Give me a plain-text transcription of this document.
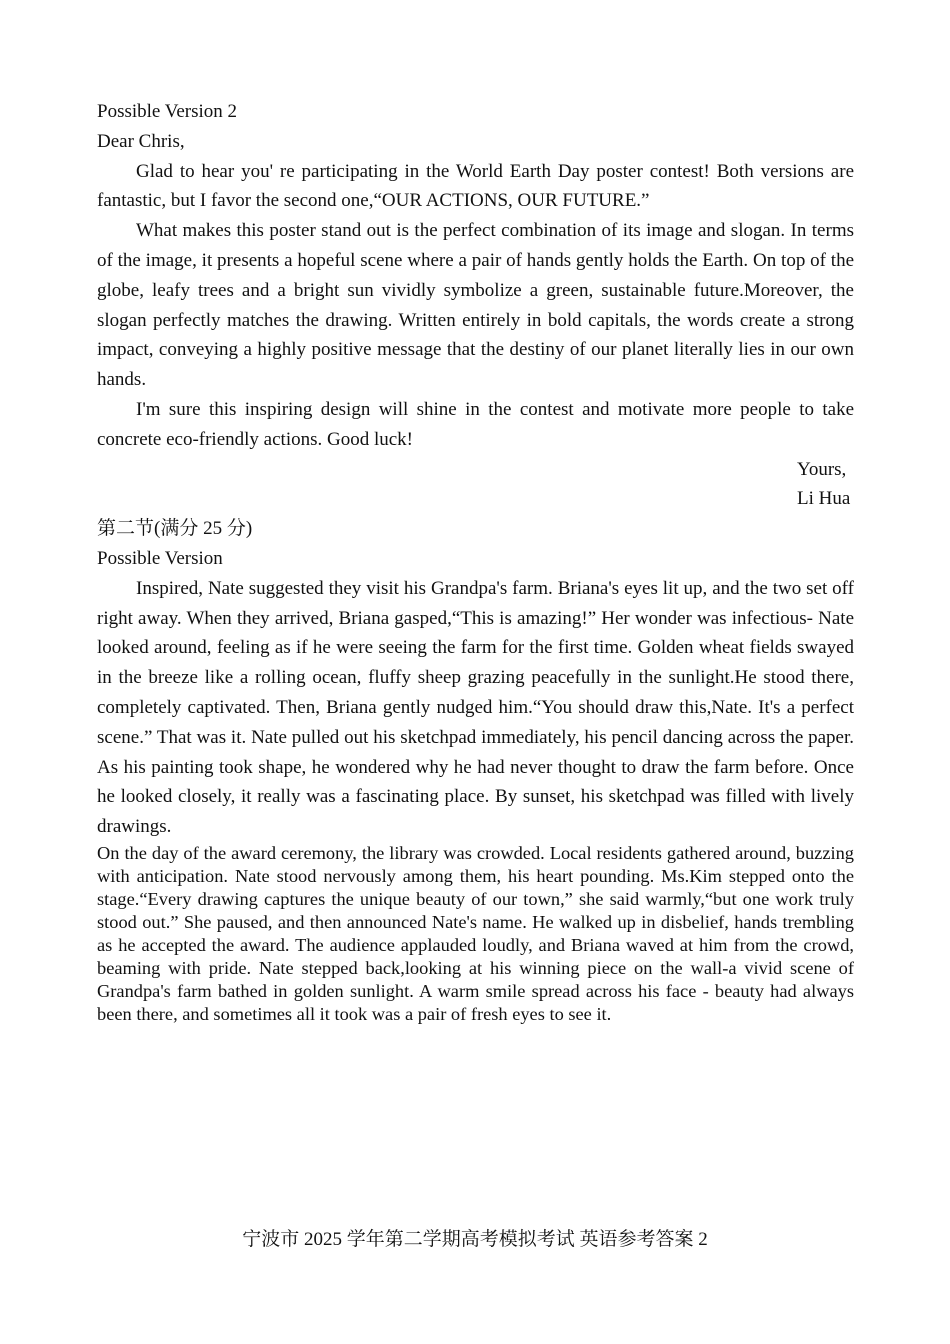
Possible Version 2
Dear Chris,

Glad to hear you' re participating in the World Earth Day poster contest! Both versions are fantastic, but I favor the second one,“OUR ACTIONS, OUR FUTURE.”

What makes this poster stand out is the perfect combination of its image and slogan. In terms of the image, it presents a hopeful scene where a pair of hands gently holds the Earth. On top of the globe, leafy trees and a bright sun vividly symbolize a green, sustainable future.Moreover, the slogan perfectly matches the drawing. Written entirely in bold capitals, the words create a strong impact, conveying a highly positive message that the destiny of our planet literally lies in our own hands.

I'm sure this inspiring design will shine in the contest and motivate more people to take concrete eco-friendly actions. Good luck!

Yours,
Li Hua
第二节(满分 25 分)
Possible Version

Inspired, Nate suggested they visit his Grandpa's farm. Briana's eyes lit up, and the two set off right away. When they arrived, Briana gasped,“This is amazing!” Her wonder was infectious- Nate looked around, feeling as if he were seeing the farm for the first time. Golden wheat fields swayed in the breeze like a rolling ocean, fluffy sheep grazing peacefully in the sunlight.He stood there, completely captivated. Then, Briana gently nudged him.“You should draw this,Nate. It's a perfect scene.” That was it. Nate pulled out his sketchpad immediately, his pencil dancing across the paper. As his painting took shape, he wondered why he had never thought to draw the farm before. Once he looked closely, it really was a fascinating place. By sunset, his sketchpad was filled with lively drawings.

On the day of the award ceremony, the library was crowded. Local residents gathered around, buzzing with anticipation. Nate stood nervously among them, his heart pounding. Ms.Kim stepped onto the stage.“Every drawing captures the unique beauty of our town,” she said warmly,“but one work truly stood out.” She paused, and then announced Nate's name. He walked up in disbelief, hands trembling as he accepted the award. The audience applauded loudly, and Briana waved at him from the crowd, beaming with pride. Nate stepped back,looking at his winning piece on the wall-a vivid scene of Grandpa's farm bathed in golden sunlight. A warm smile spread across his face - beauty had always been there, and sometimes all it took was a pair of fresh eyes to see it.

宁波市 2025 学年第二学期高考模拟考试 英语参考答案 2
